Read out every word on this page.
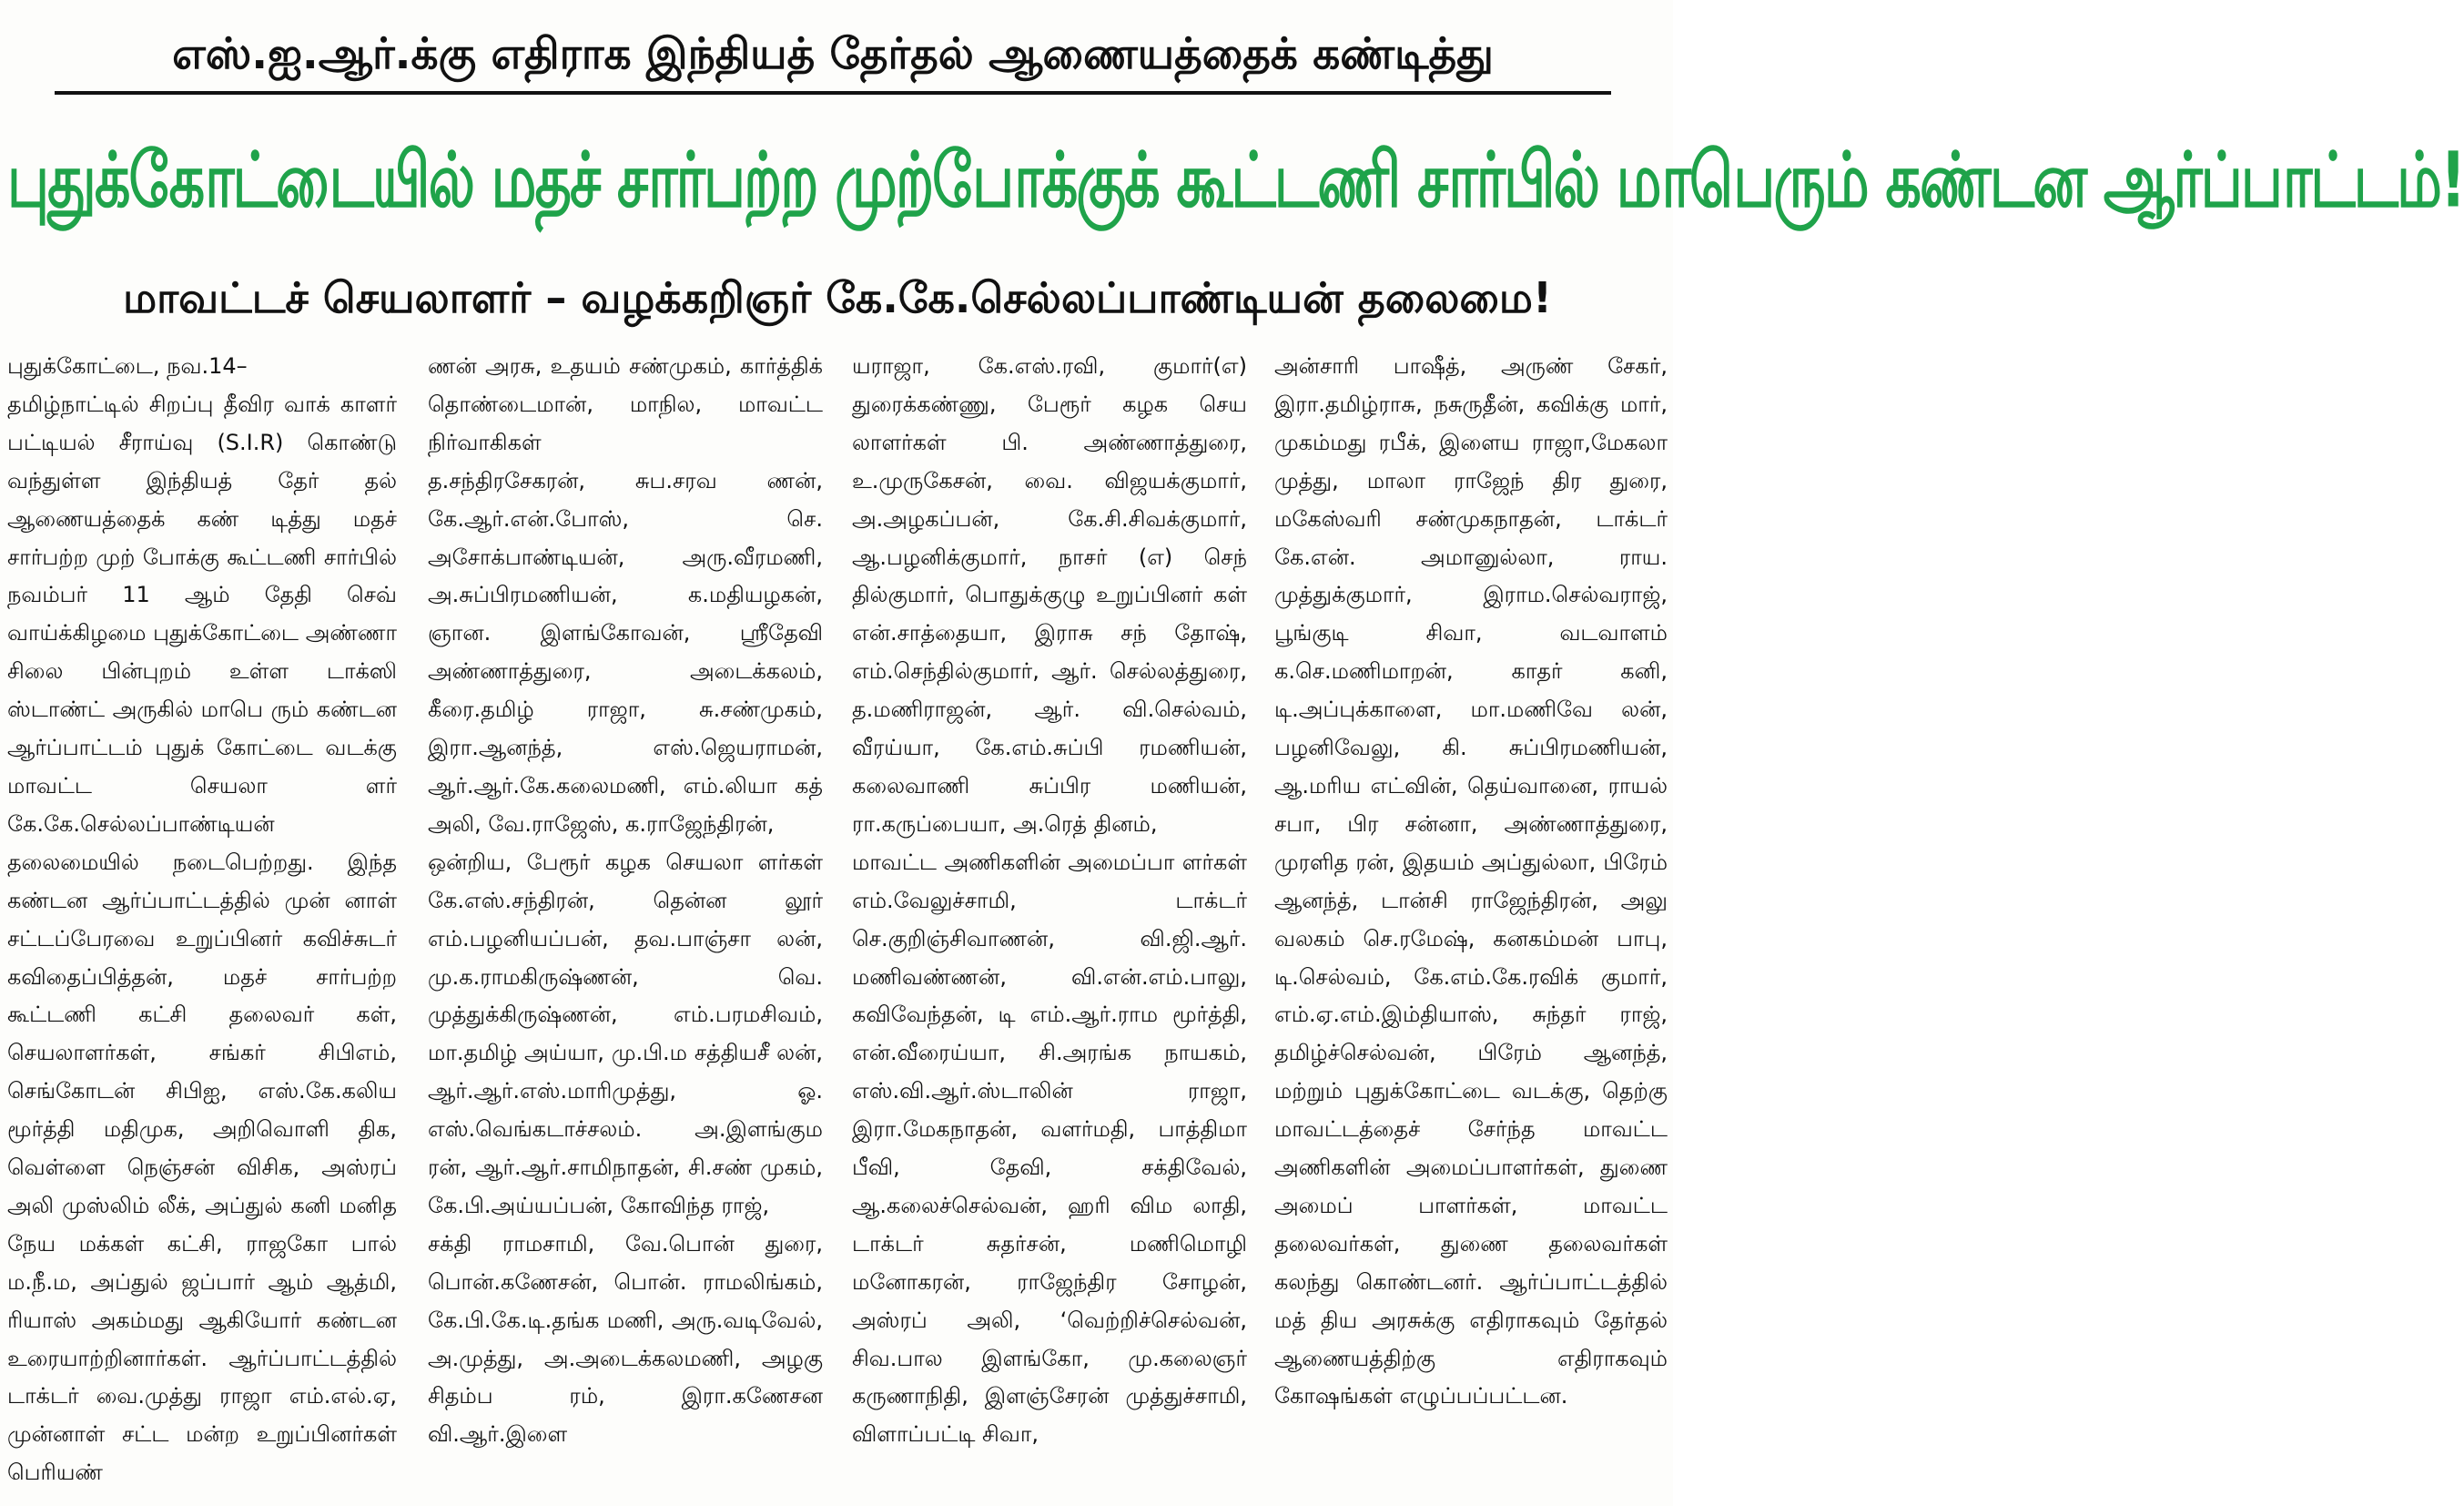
எஸ்.ஐ.ஆர்.க்கு எதிராக இந்தியத் தேர்தல் ஆணையத்தைக் கண்டித்து
புதுக்கோட்டையில் மதச் சார்பற்ற முற்போக்குக் கூட்டணி சார்பில் மாபெரும் கண்டன ஆர்ப்பாட்டம்!
மாவட்டச் செயலாளர் – வழக்கறிஞர் கே.கே.செல்லப்பாண்டியன் தலைமை!
புதுக்கோட்டை, நவ.14–
தமிழ்நாட்டில் சிறப்பு தீவிர வாக் காளர் பட்டியல் சீராய்வு (S.I.R) கொண்டு வந்துள்ள இந்தியத் தேர் தல் ஆணையத்தைக் கண் டித்து மதச் சார்பற்ற முற் போக்கு கூட்டணி சார்பில் நவம்பர் 11 ஆம் தேதி செவ் வாய்க்கிழமை புதுக்கோட்டை அண்ணா சிலை பின்புறம் உள்ள டாக்ஸி ஸ்டாண்ட் அருகில் மாபெ ரும் கண்டன ஆர்ப்பாட்டம் புதுக் கோட்டை வடக்கு மாவட்ட செயலா ளர் கே.கே.செல்லப்பாண்டியன் தலைமையில் நடைபெற்றது. இந்த கண்டன ஆர்ப்பாட்டத்தில் முன் னாள் சட்டப்பேரவை உறுப்பினர் கவிச்சுடர் கவிதைப்பித்தன், மதச் சார்பற்ற கூட்டணி கட்சி தலைவர் கள், செயலாளர்கள், சங்கர் சிபிஎம், செங்கோடன் சிபிஐ, எஸ்.கே.கலிய மூர்த்தி மதிமுக, அறிவொளி திக, வெள்ளை நெஞ்சன் விசிக, அஸ்ரப் அலி முஸ்லிம் லீக், அப்துல் கனி மனித நேய மக்கள் கட்சி, ராஜகோ பால் ம.நீ.ம, அப்துல் ஜப்பார் ஆம் ஆத்மி, ரியாஸ் அகம்மது ஆகியோர் கண்டன உரையாற்றினார்கள். ஆர்ப்பாட்டத்தில் டாக்டர் வை.முத்து ராஜா எம்.எல்.ஏ, முன்னாள் சட்ட மன்ற உறுப்பினர்கள் பெரியண்
ணன் அரசு, உதயம் சண்முகம், கார்த்திக் தொண்டைமான், மாநில, மாவட்ட நிர்வாகிகள்
த.சந்திரசேகரன், சுப.சரவ ணன், கே.ஆர்.என்.போஸ், செ. அசோக்பாண்டியன், அரு.வீரமணி, அ.சுப்பிரமணியன், க.மதியழகன், ஞான. இளங்கோவன், ஸ்ரீதேவி அண்ணாத்துரை, அடைக்கலம், கீரை.தமிழ் ராஜா, சு.சண்முகம், இரா.ஆனந்த், எஸ்.ஜெயராமன், ஆர்.ஆர்.கே.கலைமணி, எம்.லியா கத் அலி, வே.ராஜேஸ், க.ராஜேந்திரன்,
ஒன்றிய, பேரூர் கழக செயலா ளர்கள் கே.எஸ்.சந்திரன், தென்ன லூர் எம்.பழனியப்பன், தவ.பாஞ்சா லன், மு.க.ராமகிருஷ்ணன், வெ. முத்துக்கிருஷ்ணன், எம்.பரமசிவம், மா.தமிழ் அய்யா, மு.பி.ம சத்தியசீ லன், ஆர்.ஆர்.எஸ்.மாரிமுத்து, ஓ. எஸ்.வெங்கடாச்சலம். அ.இளங்கும ரன், ஆர்.ஆர்.சாமிநாதன், சி.சண் முகம், கே.பி.அய்யப்பன், கோவிந்த ராஜ்,
சக்தி ராமசாமி, வே.பொன் துரை, பொன்.கணேசன், பொன். ராமலிங்கம், கே.பி.கே.டி.தங்க மணி, அரு.வடிவேல், அ.முத்து, அ.அடைக்கலமணி, அழகு சிதம்ப ரம், இரா.கணேசன வி.ஆர்.இளை
யராஜா, கே.எஸ்.ரவி, குமார்(எ) துரைக்கண்ணு, பேரூர் கழக செய லாளர்கள் பி. அண்ணாத்துரை, உ.முருகேசன், வை. விஜயக்குமார், அ.அழகப்பன், கே.சி.சிவக்குமார், ஆ.பழனிக்குமார், நாசர் (எ) செந் தில்குமார், பொதுக்குழு உறுப்பினர் கள் என்.சாத்தையா, இராசு சந் தோஷ், எம்.செந்தில்குமார், ஆர். செல்லத்துரை, த.மணிராஜன், ஆர். வி.செல்வம், வீரய்யா, கே.எம்.சுப்பி ரமணியன், கலைவாணி சுப்பிர மணியன், ரா.கருப்பையா, அ.ரெத் தினம்,
மாவட்ட அணிகளின் அமைப்பா ளர்கள் எம்.வேலுச்சாமி, டாக்டர் செ.குறிஞ்சிவாணன், வி.ஜி.ஆர். மணிவண்ணன், வி.என்.எம்.பாலு, கவிவேந்தன், டி எம்.ஆர்.ராம மூர்த்தி, என்.வீரைய்யா, சி.அரங்க நாயகம், எஸ்.வி.ஆர்.ஸ்டாலின் ராஜா, இரா.மேகநாதன், வளர்மதி, பாத்திமா பீவி, தேவி, சக்திவேல், ஆ.கலைச்செல்வன், ஹரி விம லாதி, டாக்டர் சுதர்சன், மணிமொழி மனோகரன், ராஜேந்திர சோழன், அஸ்ரப் அலி, ‘வெற்றிச்செல்வன், சிவ.பால இளங்கோ, மு.கலைஞர் கருணாநிதி, இளஞ்சேரன் முத்துச்சாமி, விளாப்பட்டி சிவா,
அன்சாரி பாஷீத், அருண் சேகர், இரா.தமிழ்ராசு, நசுருதீன், கவிக்கு மார், முகம்மது ரபீக், இளைய ராஜா,மேகலா முத்து, மாலா ராஜேந் திர துரை, மகேஸ்வரி சண்முகநாதன், டாக்டர் கே.என். அமானுல்லா, ராய. முத்துக்குமார், இராம.செல்வராஜ், பூங்குடி சிவா, வடவாளம் க.செ.மணிமாறன், காதர் கனி, டி.அப்புக்காளை, மா.மணிவே லன், பழனிவேலு, கி. சுப்பிரமணியன், ஆ.மரிய எட்வின், தெய்வானை, ராயல் சபா, பிர சன்னா, அண்ணாத்துரை, முரளித ரன், இதயம் அப்துல்லா, பிரேம் ஆனந்த், டான்சி ராஜேந்திரன், அலு வலகம் செ.ரமேஷ், கனகம்மன் பாபு, டி.செல்வம், கே.எம்.கே.ரவிக் குமார், எம்.ஏ.எம்.இம்தியாஸ், சுந்தர் ராஜ், தமிழ்ச்செல்வன், பிரேம் ஆனந்த், மற்றும் புதுக்கோட்டை வடக்கு, தெற்கு மாவட்டத்தைச் சேர்ந்த மாவட்ட அணிகளின் அமைப்பாளர்கள், துணை அமைப் பாளர்கள், மாவட்ட தலைவர்கள், துணை தலைவர்கள் கலந்து கொண்டனர். ஆர்ப்பாட்டத்தில் மத் திய அரசுக்கு எதிராகவும் தேர்தல் ஆணையத்திற்கு எதிராகவும் கோஷங்கள் எழுப்பப்பட்டன.
